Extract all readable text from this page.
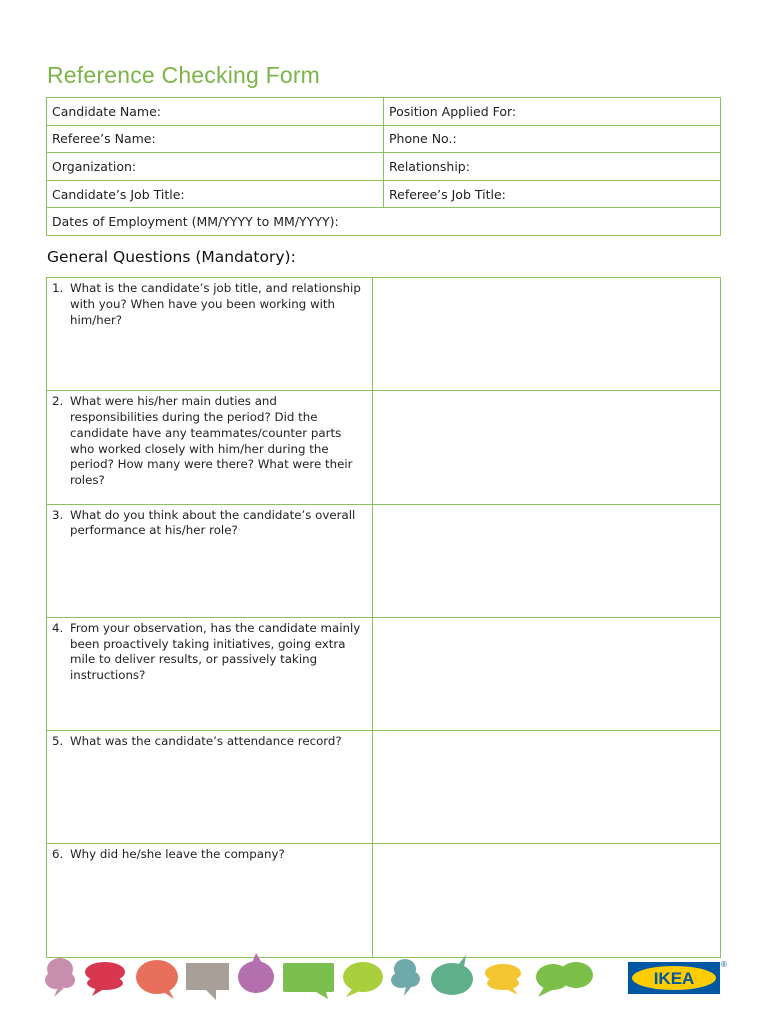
Reference Checking Form
Candidate Name:	Position Applied For:
Referee’s Name:	Phone No.:
Organization:	Relationship:
Candidate’s Job Title:	Referee’s Job Title:
Dates of Employment (MM/YYYY to MM/YYYY):	
General Questions (Mandatory):
1. What is the candidate’s job title, and relationship with you? When have you been working with him/her?	

2. What were his/her main duties and responsibilities during the period? Did the candidate have any teammates/counter parts who worked closely with him/her during the period? How many were there? What were their roles?	

3. What do you think about the candidate’s overall performance at his/her role?	

4. From your observation, has the candidate mainly been proactively taking initiatives, going extra mile to deliver results, or passively taking instructions?	

5. What was the candidate’s attendance record?	

6. Why did he/she leave the company?	

IKEA
®
